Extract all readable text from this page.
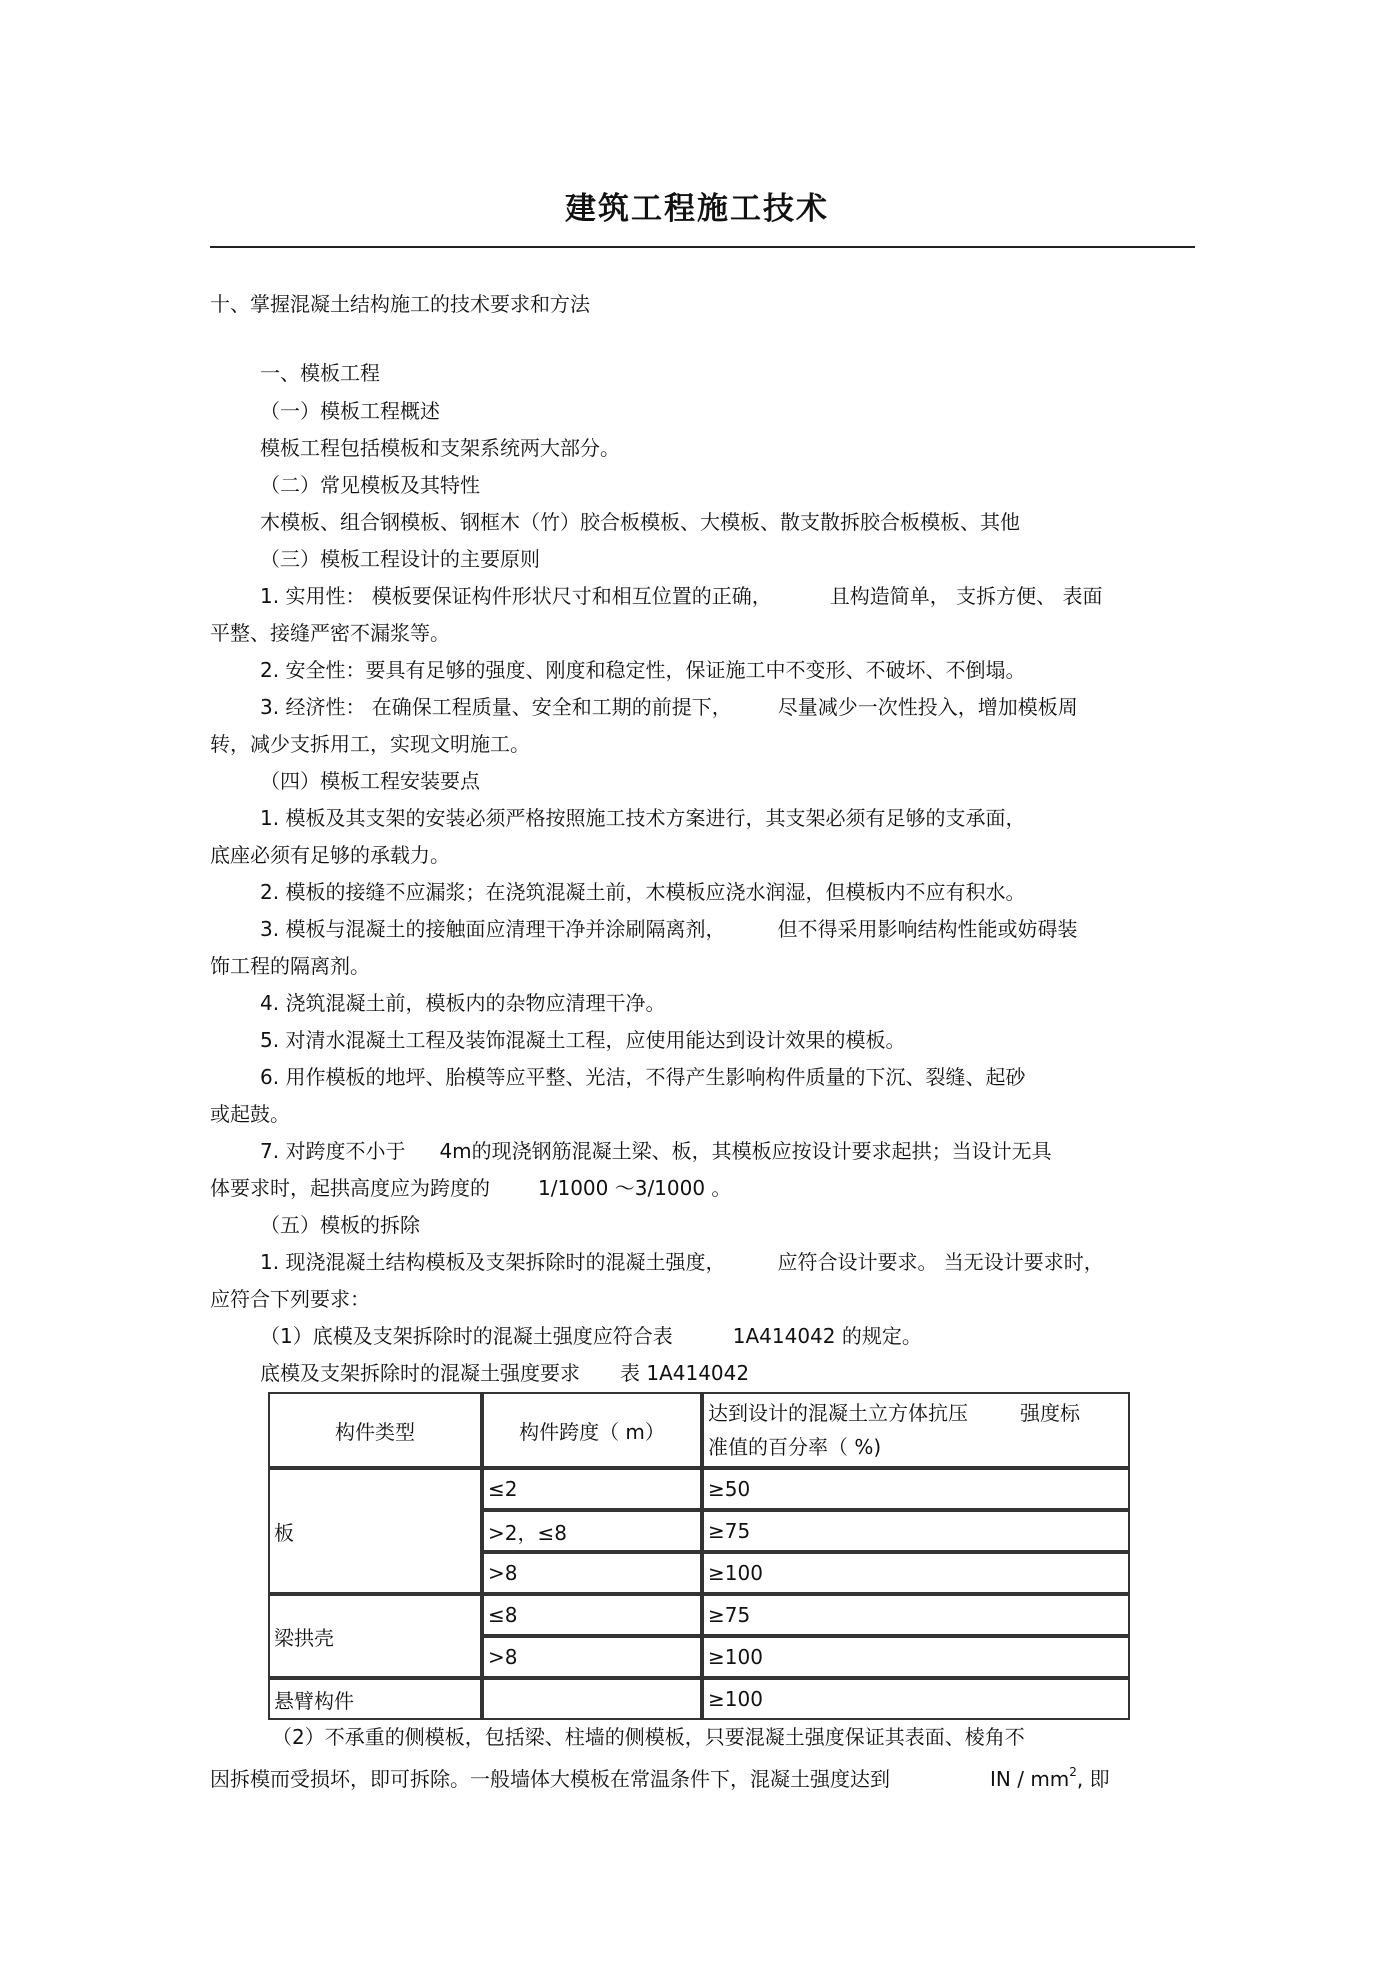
建筑工程施工技术
十、掌握混凝土结构施工的技术要求和方法
一、模板工程
（一）模板工程概述
模板工程包括模板和支架系统两大部分。
（二）常见模板及其特性
木模板、组合钢模板、钢框木（竹）胶合板模板、大模板、散支散拆胶合板模板、其他
（三）模板工程设计的主要原则
1. 实用性： 模板要保证构件形状尺寸和相互位置的正确，	且构造简单， 支拆方便、 表面
平整、接缝严密不漏浆等。
2. 安全性：要具有足够的强度、刚度和稳定性，保证施工中不变形、不破坏、不倒塌。
3. 经济性： 在确保工程质量、安全和工期的前提下， 尽量减少一次性投入，增加模板周
转，减少支拆用工，实现文明施工。
（四）模板工程安装要点
1. 模板及其支架的安装必须严格按照施工技术方案进行，其支架必须有足够的支承面，
底座必须有足够的承载力。
2. 模板的接缝不应漏浆；在浇筑混凝土前，木模板应浇水润湿，但模板内不应有积水。
3. 模板与混凝土的接触面应清理干净并涂刷隔离剂，	但不得采用影响结构性能或妨碍装
饰工程的隔离剂。
4. 浇筑混凝土前，模板内的杂物应清理干净。
5. 对清水混凝土工程及装饰混凝土工程，应使用能达到设计效果的模板。
6. 用作模板的地坪、胎模等应平整、光洁，不得产生影响构件质量的下沉、裂缝、起砂
或起鼓。
7. 对跨度不小于 4m的现浇钢筋混凝土梁、板，其模板应按设计要求起拱；当设计无具
体要求时，起拱高度应为跨度的 1/1000 ～3/1000 。
（五）模板的拆除
1. 现浇混凝土结构模板及支架拆除时的混凝土强度，	应符合设计要求。 当无设计要求时，
应符合下列要求：
（1）底模及支架拆除时的混凝土强度应符合表	1A414042 的规定。
底模及支架拆除时的混凝土强度要求 表 1A414042
构件类型	构件跨度（ m）	达到设计的混凝土立方体抗压 强度标
准值的百分率（ %)

板	≤2	≥50
	>2，≤8	≥75
	>8	≥100
梁拱壳	≤8	≥75
	>8	≥100
悬臂构件		≥100
（2）不承重的侧模板，包括梁、柱墙的侧模板，只要混凝土强度保证其表面、棱角不
因拆模而受损坏，即可拆除。一般墙体大模板在常温条件下，混凝土强度达到	IN / $mm^2$, 即
